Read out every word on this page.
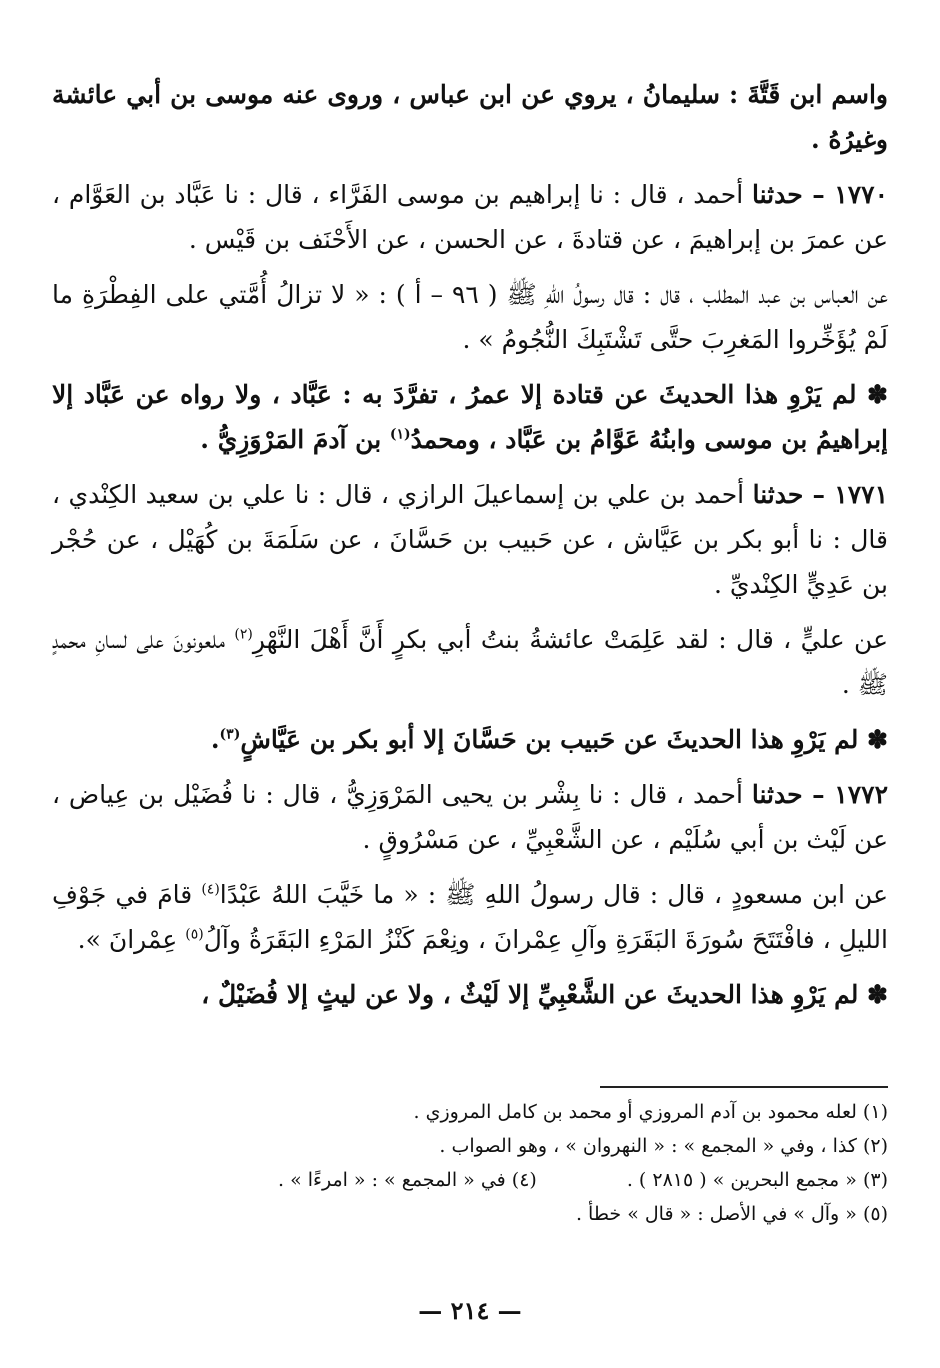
واسم ابن قَتَّةَ : سليمانُ ، يروي عن ابن عباس ، وروى عنه موسى بن أبي عائشة وغيرُهُ .

١٧٧٠ – حدثنا أحمد ، قال : نا إبراهيم بن موسى الفَرَّاء ، قال : نا عَبَّاد بن العَوَّام ، عن عمرَ بن إبراهيمَ ، عن قتادةَ ، عن الحسن ، عن الأَحْنَف بن قَيْس .

عن العباس بن عبد المطلب ، قال : قال رسولُ اللهِ ﷺ ( ٩٦ – أ ) : « لا تزالُ أُمَّتي على الفِطْرَةِ ما لَمْ يُؤَخِّروا المَغرِبَ حتَّى تَشْتَبِكَ النُّجُومُ » .

✽ لم يَرْوِ هذا الحديثَ عن قتادة إلا عمرُ ، تفرَّدَ به : عَبَّاد ، ولا رواه عن عَبَّاد إلا إبراهيمُ بن موسى وابنُهُ عَوَّامُ بن عَبَّاد ، ومحمدُ$^{(١)}$ بن آدمَ المَرْوَزِيُّ .

١٧٧١ – حدثنا أحمد بن علي بن إسماعيلَ الرازي ، قال : نا علي بن سعيد الكِنْدي ، قال : نا أبو بكر بن عَيَّاش ، عن حَبيب بن حَسَّانَ ، عن سَلَمَةَ بن كُهَيْل ، عن حُجْر بن عَدِيٍّ الكِنْديِّ .

عن عليٍّ ، قال : لقد عَلِمَتْ عائشةُ بنتُ أبي بكرٍ أَنَّ أَهْلَ النَّهْرِ$^{(٢)}$ ملعونونَ على لسانِ محمدٍ ﷺ .

✽ لم يَرْوِ هذا الحديثَ عن حَبيب بن حَسَّانَ إلا أبو بكر بن عَيَّاشٍ$^{(٣)}$.

١٧٧٢ – حدثنا أحمد ، قال : نا بِشْر بن يحيى المَرْوَزِيُّ ، قال : نا فُضَيْل بن عِياض ، عن لَيْث بن أبي سُلَيْم ، عن الشَّعْبِيِّ ، عن مَسْرُوقٍ .

عن ابن مسعودٍ ، قال : قال رسولُ اللهِ ﷺ : « ما خَيَّبَ اللهُ عَبْدًا$^{(٤)}$ قامَ في جَوْفِ الليلِ ، فافْتَتَحَ سُورَةَ البَقَرَةِ وآلِ عِمْرانَ ، ونِعْمَ كَنْزُ المَرْءِ البَقَرَةُ وآلُ$^{(٥)}$ عِمْرانَ ».

✽ لم يَرْوِ هذا الحديثَ عن الشَّعْبِيِّ إلا لَيْثٌ ، ولا عن ليثٍ إلا فُضَيْلٌ ،

(١) لعله محمود بن آدم المروزي أو محمد بن كامل المروزي .

(٢) كذا ، وفي « المجمع » : « النهروان » ، وهو الصواب .

(٣) « مجمع البحرين » ( ٢٨١٥ ) .

(٤) في « المجمع » : « امرءًا » .

(٥) « وآل » في الأصل : « قال » خطأ .

— ٢١٤ —
